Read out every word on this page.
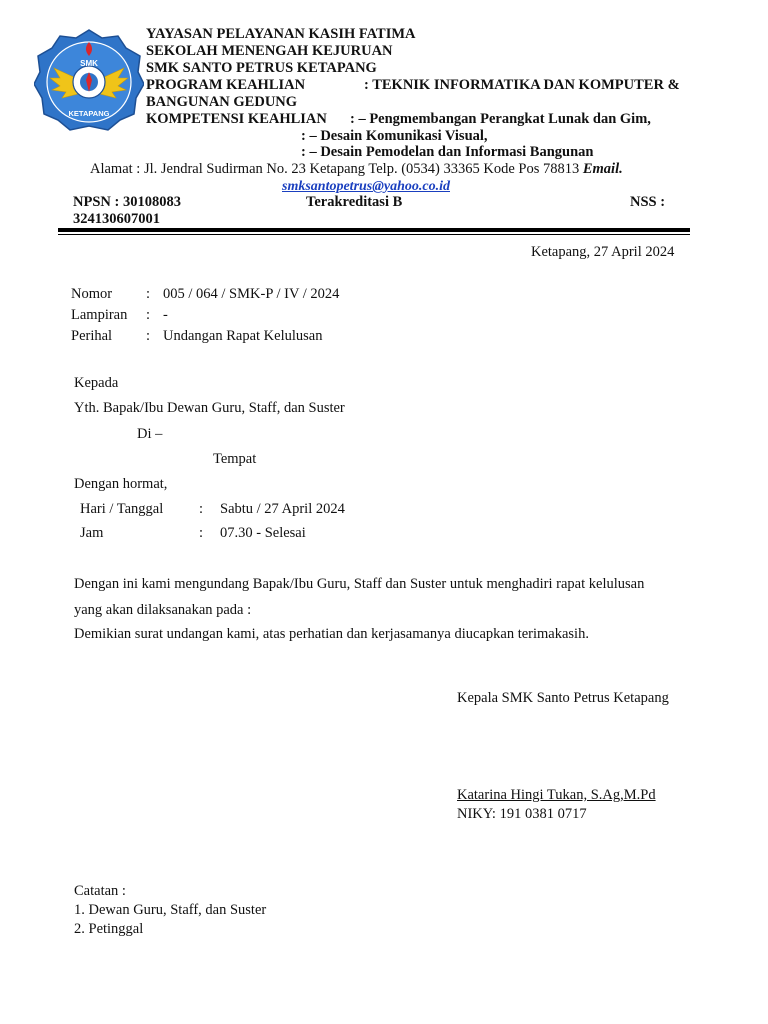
SMK
KETAPANG
YAYASAN PELAYANAN KASIH FATIMA
SEKOLAH MENENGAH KEJURUAN
SMK SANTO PETRUS KETAPANG
PROGRAM KEAHLIAN	: TEKNIK INFORMATIKA DAN KOMPUTER &
BANGUNAN GEDUNG
KOMPETENSI KEAHLIAN : – Pengmembangan Perangkat Lunak dan Gim,
: – Desain Komunikasi Visual,
: – Desain Pemodelan dan Informasi Bangunan
Alamat : Jl. Jendral Sudirman No. 23 Ketapang Telp. (0534) 33365 Kode Pos 78813 Email.
smksantopetrus@yahoo.co.id
NPSN : 30108083	Terakreditasi B	NSS :
324130607001
Ketapang, 27 April 2024
Nomor : 005 / 064 / SMK-P / IV / 2024
Lampiran : -
Perihal : Undangan Rapat Kelulusan
Kepada
Yth. Bapak/Ibu Dewan Guru, Staff, dan Suster
Di –
Tempat
Dengan hormat,
Hari / Tanggal : Sabtu / 27 April 2024
Jam	: 07.30 - Selesai
Dengan ini kami mengundang Bapak/Ibu Guru, Staff dan Suster untuk menghadiri rapat kelulusan
yang akan dilaksanakan pada :
Demikian surat undangan kami, atas perhatian dan kerjasamanya diucapkan terimakasih.
Kepala SMK Santo Petrus Ketapang
Katarina Hingi Tukan, S.Ag,M.Pd
NIKY: 191 0381 0717
Catatan :
1. Dewan Guru, Staff, dan Suster
2. Petinggal
